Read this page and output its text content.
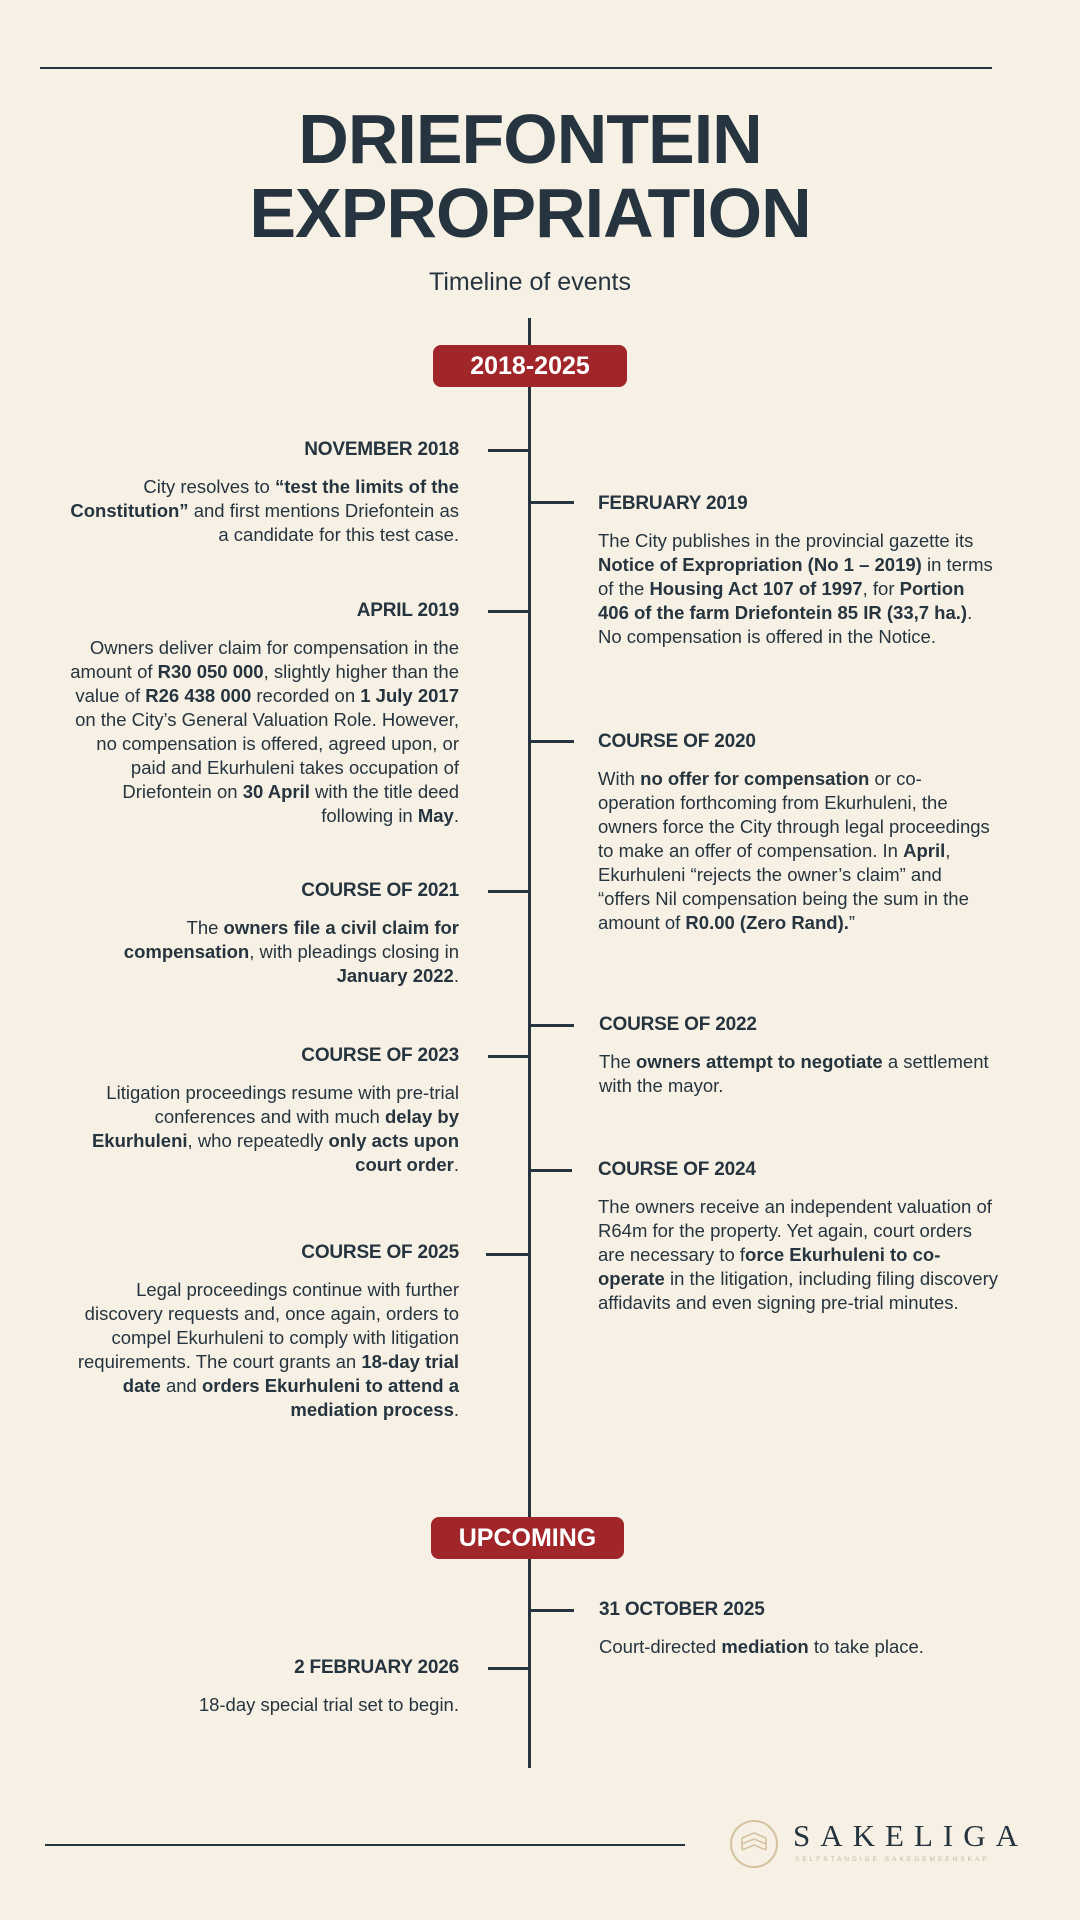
DRIEFONTEIN
EXPROPRIATION
Timeline of events
2018-2025
UPCOMING
NOVEMBER 2018
City resolves to “test the limits of the Constitution” and first mentions Driefontein as a candidate for this test case.
FEBRUARY 2019
The City publishes in the provincial gazette its Notice of Expropriation (No 1 – 2019) in terms of the Housing Act 107 of 1997, for Portion 406 of the farm Driefontein 85 IR (33,7 ha.). No compensation is offered in the Notice.
APRIL 2019
Owners deliver claim for compensation in the amount of R30 050 000, slightly higher than the value of R26 438 000 recorded on 1 July 2017 on the City’s General Valuation Role. However, no compensation is offered, agreed upon, or paid and Ekurhuleni takes occupation of Driefontein on 30 April with the title deed following in May.
COURSE OF 2020
With no offer for compensation or co-operation forthcoming from Ekurhuleni, the owners force the City through legal proceedings to make an offer of compensation. In April, Ekurhuleni “rejects the owner’s claim” and “offers Nil compensation being the sum in the amount of R0.00 (Zero Rand).”
COURSE OF 2021
The owners file a civil claim for compensation, with pleadings closing in January 2022.
COURSE OF 2022
The owners attempt to negotiate a settlement with the mayor.
COURSE OF 2023
Litigation proceedings resume with pre-trial conferences and with much delay by Ekurhuleni, who repeatedly only acts upon court order.	COURSE OF 2024
The owners receive an independent valuation of R64m for the property. Yet again, court orders are necessary to force Ekurhuleni to co-operate in the litigation, including filing discovery affidavits and even signing pre-trial minutes.
COURSE OF 2025
Legal proceedings continue with further discovery requests and, once again, orders to compel Ekurhuleni to comply with litigation requirements. The court grants an 18-day trial date and orders Ekurhuleni to attend a mediation process.
31 OCTOBER 2025
Court-directed mediation to take place.
2 FEBRUARY 2026
18-day special trial set to begin.
SAKELIGA
SELFSTANDIGE SAKEGEMEENSKAP
